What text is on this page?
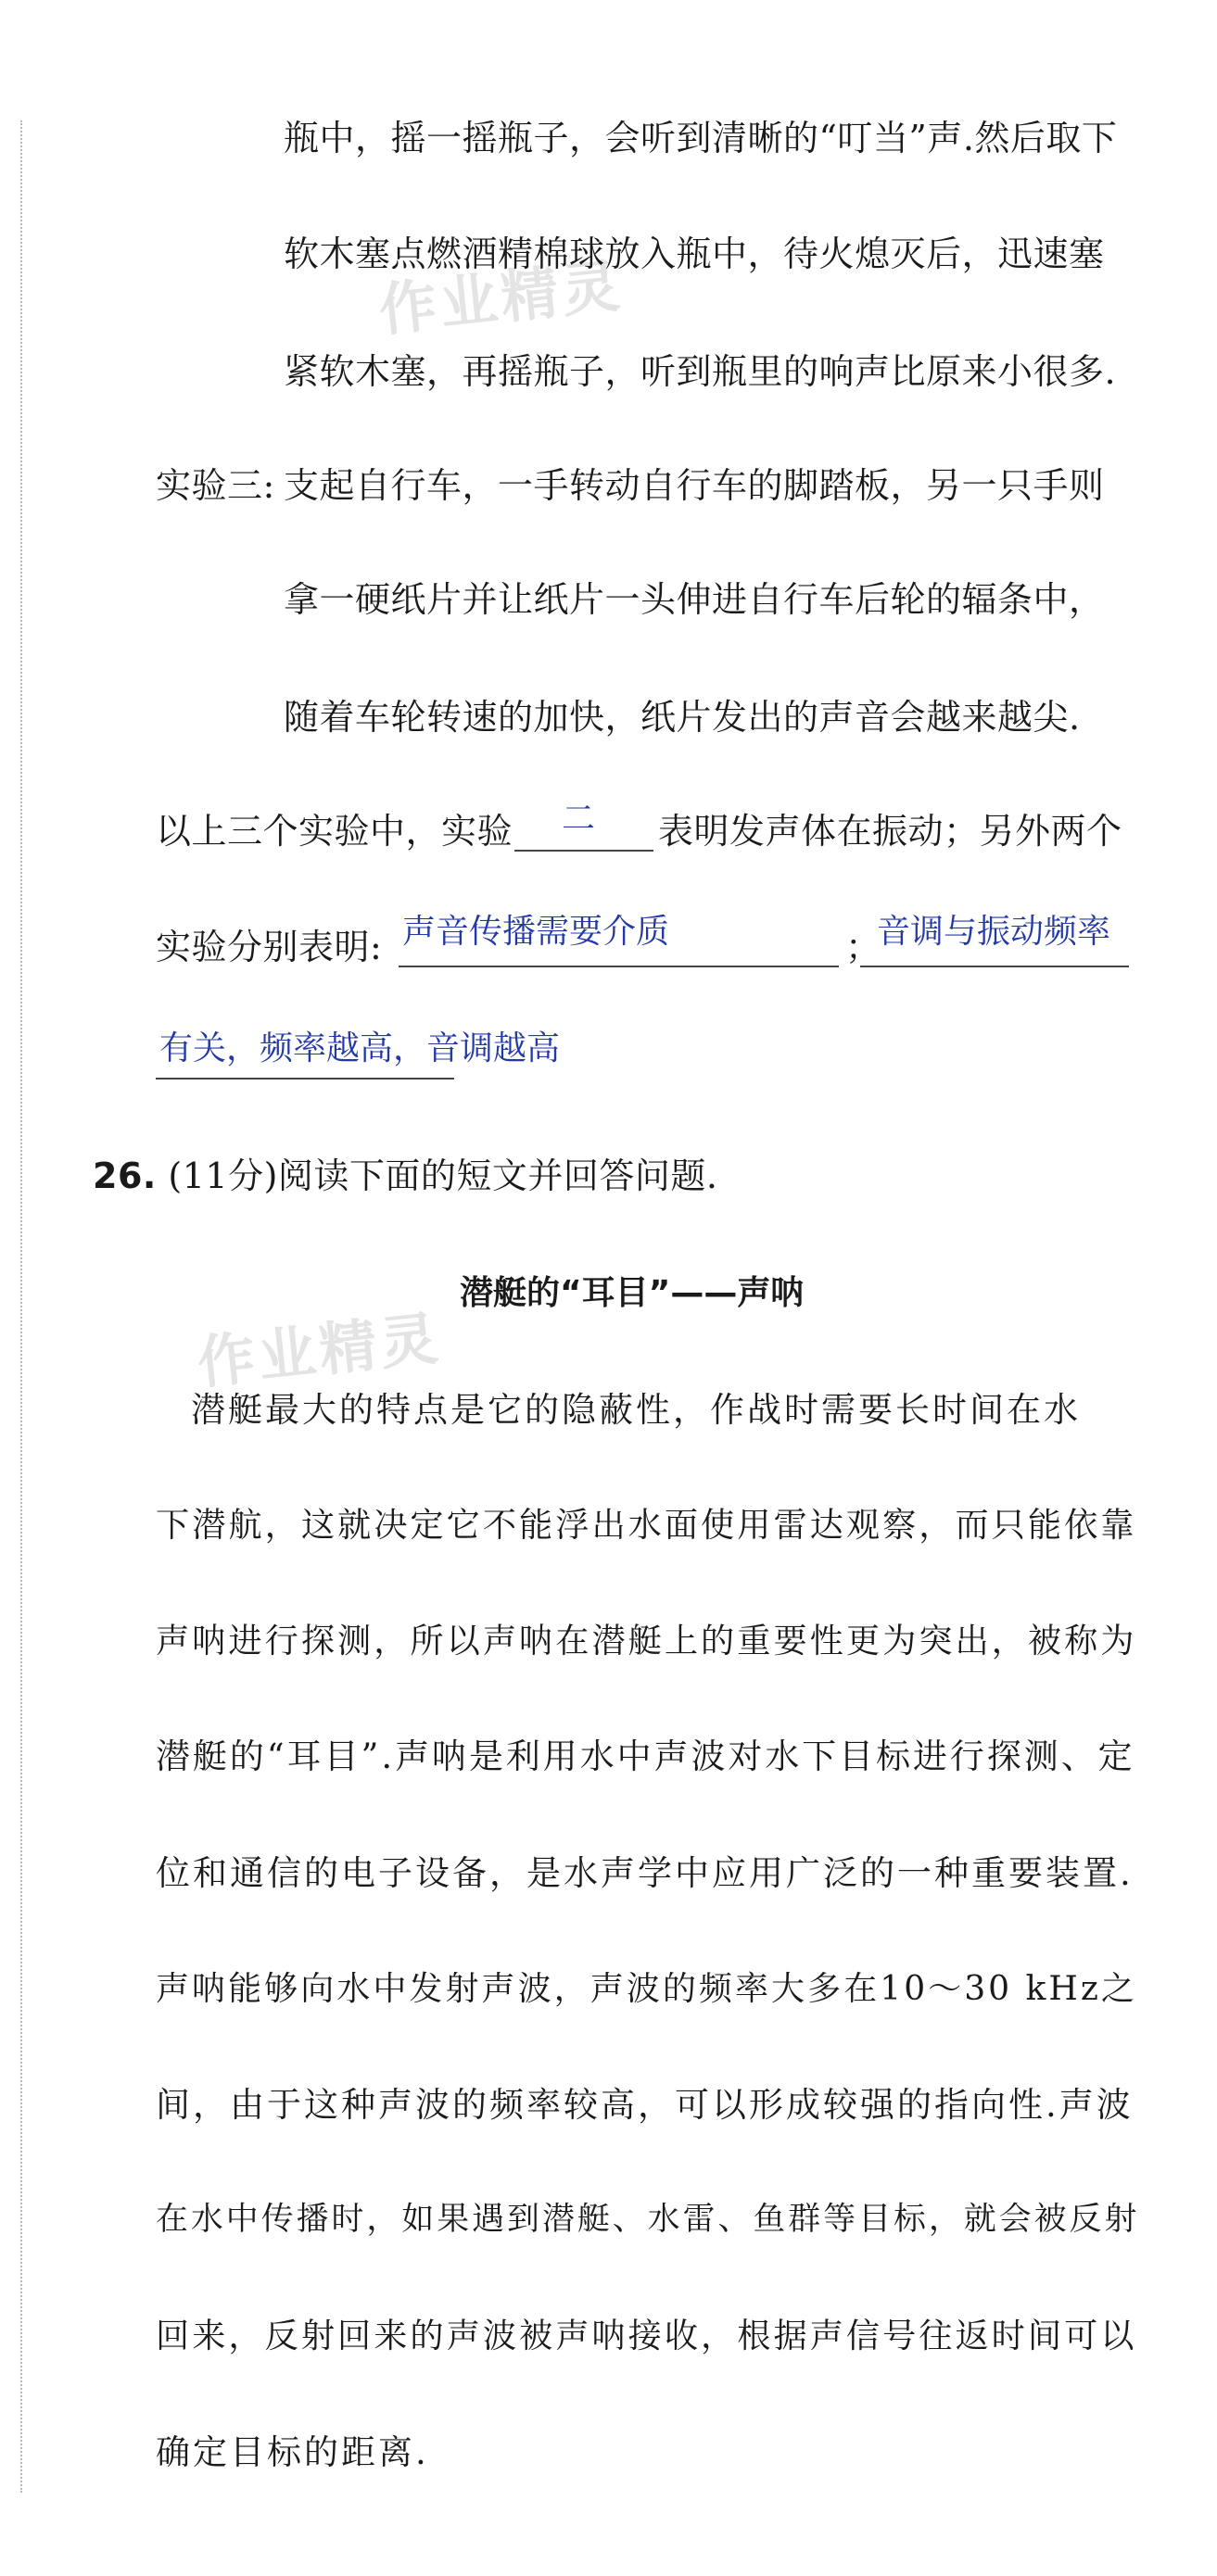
作业精灵
作业精灵
瓶中，摇一摇瓶子，会听到清晰的“叮当”声.然后取下
软木塞点燃酒精棉球放入瓶中，待火熄灭后，迅速塞
紧软木塞，再摇瓶子，听到瓶里的响声比原来小很多.
实验三: 支起自行车，一手转动自行车的脚踏板，另一只手则
拿一硬纸片并让纸片一头伸进自行车后轮的辐条中，
随着车轮转速的加快，纸片发出的声音会越来越尖.
以上三个实验中，实验 二 表明发声体在振动；另外两个
实验分别表明: 声音传播需要介质	；
音调与振动频率
有关，频率越高，音调越高
26. (11分)阅读下面的短文并回答问题.
潜艇的“耳目”——声呐
潜艇最大的特点是它的隐蔽性，作战时需要长时间在水
下潜航，这就决定它不能浮出水面使用雷达观察，而只能依靠
声呐进行探测，所以声呐在潜艇上的重要性更为突出，被称为
潜艇的“耳目”.声呐是利用水中声波对水下目标进行探测、定
位和通信的电子设备，是水声学中应用广泛的一种重要装置.
声呐能够向水中发射声波，声波的频率大多在10～30 kHz之
间，由于这种声波的频率较高，可以形成较强的指向性.声波
在水中传播时，如果遇到潜艇、水雷、鱼群等目标，就会被反射
回来，反射回来的声波被声呐接收，根据声信号往返时间可以
确定目标的距离.
